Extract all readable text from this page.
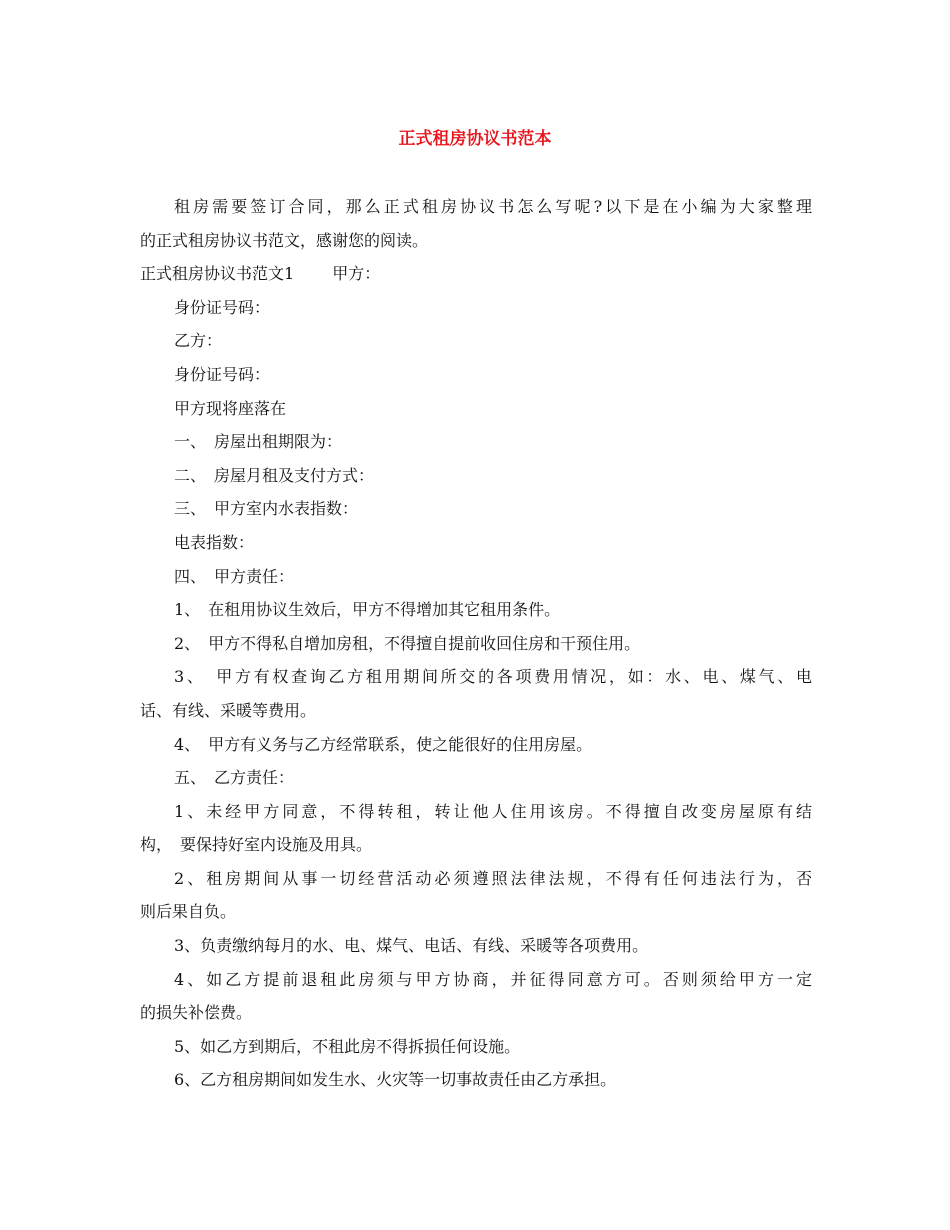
正式租房协议书范本
租房需要签订合同，那么正式租房协议书怎么写呢?以下是在小编为大家整理
的正式租房协议书范文，感谢您的阅读。
正式租房协议书范文1 甲方：
身份证号码：
乙方：
身份证号码：
甲方现将座落在
一、　房屋出租期限为：
二、　房屋月租及支付方式：
三、　甲方室内水表指数：
电表指数：
四、　甲方责任：
1、　在租用协议生效后，甲方不得增加其它租用条件。
2、　甲方不得私自增加房租，不得擅自提前收回住房和干预住用。
3、　甲方有权查询乙方租用期间所交的各项费用情况，如：水、电、煤气、电
话、有线、采暖等费用。
4、　甲方有义务与乙方经常联系，使之能很好的住用房屋。
五、　乙方责任：
1、未经甲方同意，不得转租，转让他人住用该房。不得擅自改变房屋原有结
构，　要保持好室内设施及用具。
2、租房期间从事一切经营活动必须遵照法律法规，不得有任何违法行为，否
则后果自负。
3、负责缴纳每月的水、电、煤气、电话、有线、采暖等各项费用。
4、如乙方提前退租此房须与甲方协商，并征得同意方可。否则须给甲方一定
的损失补偿费。
5、如乙方到期后，不租此房不得拆损任何设施。
6、乙方租房期间如发生水、火灾等一切事故责任由乙方承担。
